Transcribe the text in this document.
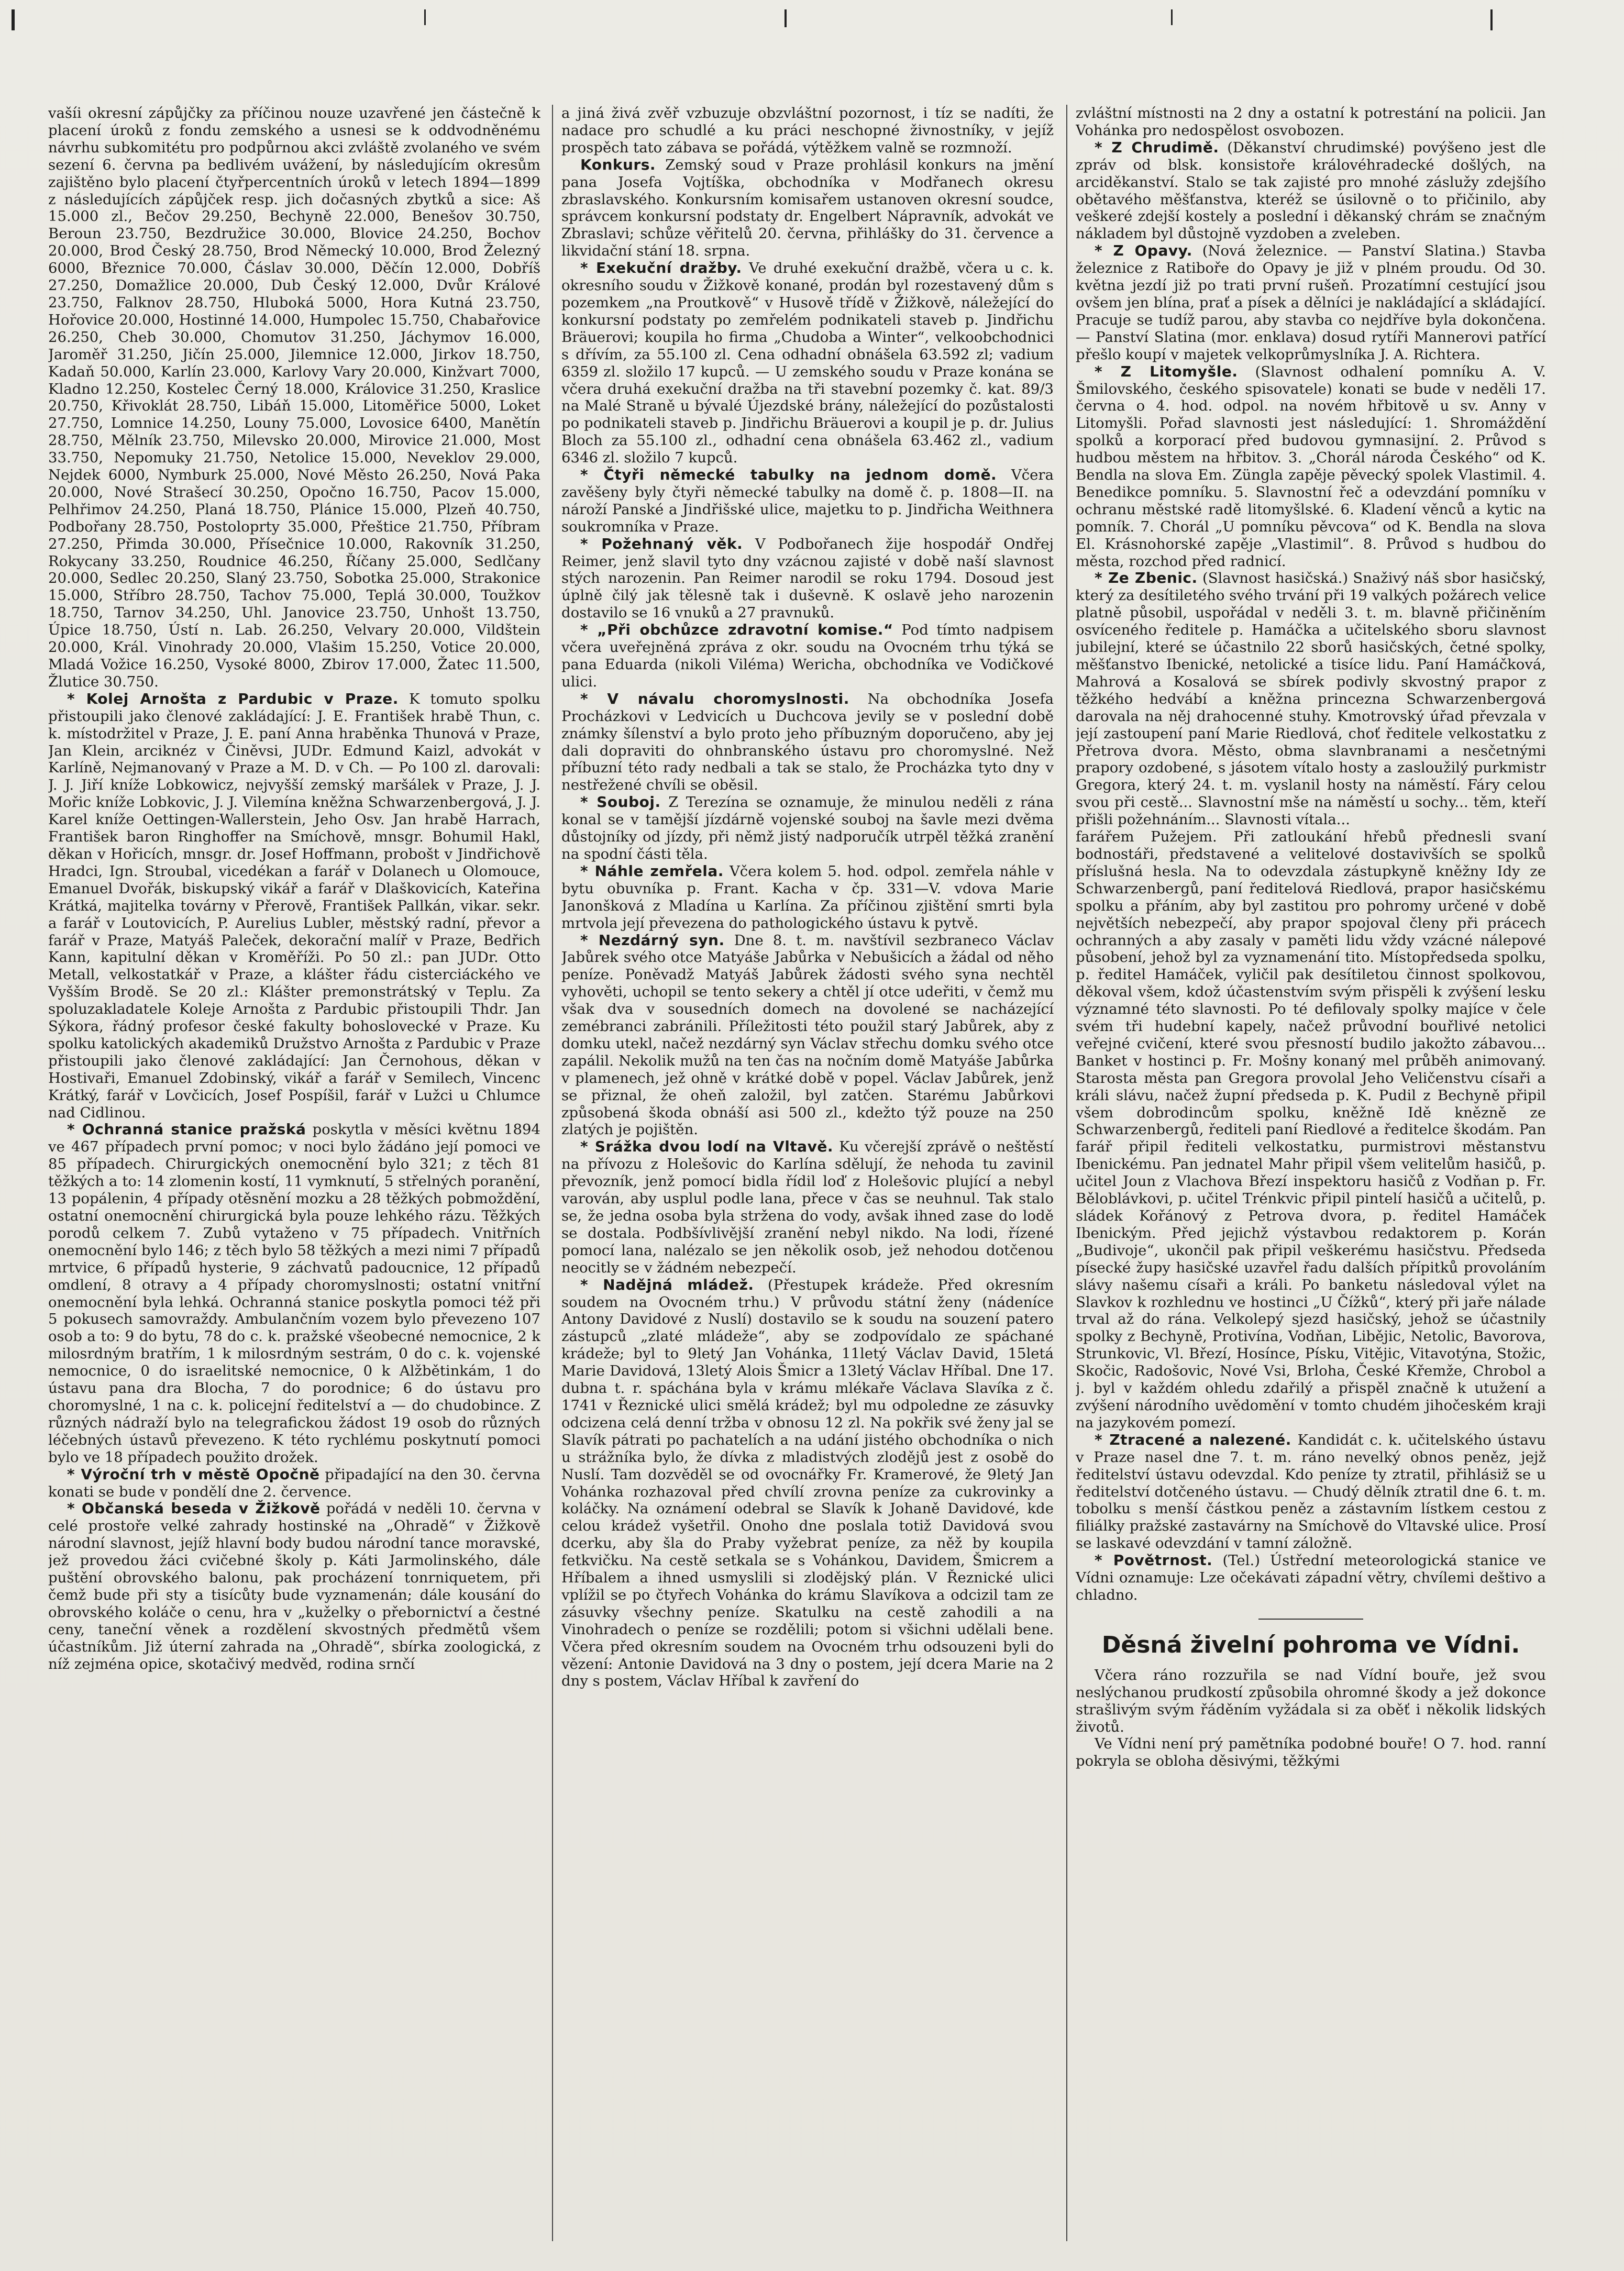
vašíi okresní zápůjčky za příčinou nouze uzavřené jen částečně k placení úroků z fondu zemského a usnesi se k oddvodněnému návrhu subkomitétu pro podpůrnou akci zvláště zvolaného ve svém sezení 6. června pa bedlivém uvážení, by následujícím okresům zajištěno bylo placení čtyřpercentních úroků v letech 1894—1899 z následujících zápůjček resp. jich dočasných zbytků a sice: Aš 15.000 zl., Bečov 29.250, Bechyně 22.000, Benešov 30.750, Beroun 23.750, Bezdružice 30.000, Blovice 24.250, Bochov 20.000, Brod Český 28.750, Brod Německý 10.000, Brod Železný 6000, Březnice 70.000, Čáslav 30.000, Děčín 12.000, Dobříš 27.250, Domažlice 20.000, Dub Český 12.000, Dvůr Králové 23.750, Falknov 28.750, Hluboká 5000, Hora Kutná 23.750, Hořovice 20.000, Hostinné 14.000, Humpolec 15.750, Chabařovice 26.250, Cheb 30.000, Chomutov 31.250, Jáchymov 16.000, Jaroměř 31.250, Jičín 25.000, Jilemnice 12.000, Jirkov 18.750, Kadaň 50.000, Karlín 23.000, Karlovy Vary 20.000, Kinžvart 7000, Kladno 12.250, Kostelec Černý 18.000, Královice 31.250, Kraslice 20.750, Křivoklát 28.750, Libáň 15.000, Litoměřice 5000, Loket 27.750, Lomnice 14.250, Louny 75.000, Lovosice 6400, Manětín 28.750, Mělník 23.750, Milevsko 20.000, Mirovice 21.000, Most 33.750, Nepomuky 21.750, Netolice 15.000, Neveklov 29.000, Nejdek 6000, Nymburk 25.000, Nové Město 26.250, Nová Paka 20.000, Nové Strašecí 30.250, Opočno 16.750, Pacov 15.000, Pelhřimov 24.250, Planá 18.750, Plánice 15.000, Plzeň 40.750, Podbořany 28.750, Postoloprty 35.000, Přeštice 21.750, Příbram 27.250, Přimda 30.000, Přísečnice 10.000, Rakovník 31.250, Rokycany 33.250, Roudnice 46.250, Říčany 25.000, Sedlčany 20.000, Sedlec 20.250, Slaný 23.750, Sobotka 25.000, Strakonice 15.000, Stříbro 28.750, Tachov 75.000, Teplá 30.000, Toužkov 18.750, Tarnov 34.250, Uhl. Janovice 23.750, Unhošt 13.750, Úpice 18.750, Ústí n. Lab. 26.250, Velvary 20.000, Vildštein 20.000, Král. Vinohrady 20.000, Vlašim 15.250, Votice 20.000, Mladá Vožice 16.250, Vysoké 8000, Zbirov 17.000, Žatec 11.500, Žlutice 30.750.

* Kolej Arnošta z Pardubic v Praze. K tomuto spolku přistoupili jako členové zakládající: J. E. František hrabě Thun, c. k. místodržitel v Praze, J. E. paní Anna hraběnka Thunová v Praze, Jan Klein, arciknéz v Činěvsi, JUDr. Edmund Kaizl, advokát v Karlíně, Nejmanovaný v Praze a M. D. v Ch. — Po 100 zl. darovali: J. J. Jiří kníže Lobkowicz, nejvyšší zemský maršálek v Praze, J. J. Mořic kníže Lobkovic, J. J. Vilemína kněžna Schwarzenbergová, J. J. Karel kníže Oettingen-Wallerstein, Jeho Osv. Jan hrabě Harrach, František baron Ringhoffer na Smíchově, mnsgr. Bohumil Hakl, děkan v Hořicích, mnsgr. dr. Josef Hoffmann, probošt v Jindřichově Hradci, Ign. Stroubal, vicedékan a farář v Dolanech u Olomouce, Emanuel Dvořák, biskupský vikář a farář v Dlaškovicích, Kateřina Krátká, majitelka továrny v Přerově, František Pallkán, vikar. sekr. a farář v Loutovicích, P. Aurelius Lubler, městský radní, převor a farář v Praze, Matyáš Paleček, dekorační malíř v Praze, Bedřich Kann, kapitulní děkan v Kroměříži. Po 50 zl.: pan JUDr. Otto Metall, velkostatkář v Praze, a klášter řádu cisterciáckého ve Vyšším Brodě. Se 20 zl.: Klášter premonstrátský v Teplu. Za spoluzakladatele Koleje Arnošta z Pardubic přistoupili Thdr. Jan Sýkora, řádný profesor české fakulty bohoslovecké v Praze. Ku spolku katolických akademiků Družstvo Arnošta z Pardubic v Praze přistoupili jako členové zakládající: Jan Černohous, děkan v Hostivaři, Emanuel Zdobinský, vikář a farář v Semilech, Vincenc Krátký, farář v Lovčicích, Josef Pospíšil, farář v Lužci u Chlumce nad Cidlinou.

* Ochranná stanice pražská poskytla v měsíci květnu 1894 ve 467 případech první pomoc; v noci bylo žádáno její pomoci ve 85 případech. Chirurgických onemocnění bylo 321; z těch 81 těžkých a to: 14 zlomenin kostí, 11 vymknutí, 5 střelných poranění, 13 popálenin, 4 případy otěsnění mozku a 28 těžkých pobmoždění, ostatní onemocnění chirurgická byla pouze lehkého rázu. Těžkých porodů celkem 7. Zubů vytaženo v 75 případech. Vnitřních onemocnění bylo 146; z těch bylo 58 těžkých a mezi nimi 7 případů mrtvice, 6 případů hysterie, 9 záchvatů padoucnice, 12 případů omdlení, 8 otravy a 4 případy choromyslnosti; ostatní vnitřní onemocnění byla lehká. Ochranná stanice poskytla pomoci též při 5 pokusech samovraždy. Ambulančním vozem bylo převezeno 107 osob a to: 9 do bytu, 78 do c. k. pražské všeobecné nemocnice, 2 k milosrdným bratřím, 1 k milosrdným sestrám, 0 do c. k. vojenské nemocnice, 0 do israelitské nemocnice, 0 k Alžbětinkám, 1 do ústavu pana dra Blocha, 7 do porodnice; 6 do ústavu pro choromyslné, 1 na c. k. policejní ředitelství a — do chudobince. Z různých nádraží bylo na telegrafickou žádost 19 osob do různých léčebných ústavů převezeno. K této rychlému poskytnutí pomoci bylo ve 18 případech použito drožek.

* Výroční trh v městě Opočně připadající na den 30. června konati se bude v pondělí dne 2. července.

* Občanská beseda v Žižkově pořádá v neděli 10. června v celé prostoře velké zahrady hostinské na „Ohradě“ v Žižkově národní slavnost, jejíž hlavní body budou národní tance moravské, jež provedou žáci cvičebné školy p. Káti Jarmolinského, dále puštění obrovského balonu, pak procházení tonrniquetem, při čemž bude při sty a tisícůty bude vyznamenán; dále kousání do obrovského koláče o cenu, hra v „kuželky o přebornictví a čestné ceny, taneční věnek a rozdělení skvostných předmětů všem účastníkům. Již úterní zahrada na „Ohradě“, sbírka zoologická, z níž zejména opice, skotačivý medvěd, rodina srnčí

a jiná živá zvěř vzbuzuje obzvláštní pozornost, i tíz se nadíti, že nadace pro schudlé a ku práci neschopné živnostníky, v jejíž prospěch tato zábava se pořádá, výtěžkem valně se rozmnoží.

Konkurs. Zemský soud v Praze prohlásil konkurs na jmění pana Josefa Vojtíška, obchodníka v Modřanech okresu zbraslavského. Konkursním komisařem ustanoven okresní soudce, správcem konkursní podstaty dr. Engelbert Nápravník, advokát ve Zbraslavi; schůze věřitelů 20. června, přihlášky do 31. července a likvidační stání 18. srpna.

* Exekuční dražby. Ve druhé exekuční dražbě, včera u c. k. okresního soudu v Žižkově konané, prodán byl rozestavený dům s pozemkem „na Proutkově“ v Husově třídě v Žižkově, náležející do konkursní podstaty po zemřelém podnikateli staveb p. Jindřichu Bräuerovi; koupila ho firma „Chudoba a Winter“, velkoobchodnici s dřívím, za 55.100 zl. Cena odhadní obnášela 63.592 zl; vadium 6359 zl. složilo 17 kupců. — U zemského soudu v Praze konána se včera druhá exekuční dražba na tři stavební pozemky č. kat. 89/3 na Malé Straně u bývalé Újezdské brány, náležející do pozůstalosti po podnikateli staveb p. Jindřichu Bräuerovi a koupil je p. dr. Julius Bloch za 55.100 zl., odhadní cena obnášela 63.462 zl., vadium 6346 zl. složilo 7 kupců.

* Čtyři německé tabulky na jednom domě. Včera zavěšeny byly čtyři německé tabulky na domě č. p. 1808—II. na nároží Panské a Jindřišské ulice, majetku to p. Jindřicha Weithnera soukromníka v Praze.

* Požehnaný věk. V Podbořanech žije hospodář Ondřej Reimer, jenž slavil tyto dny vzácnou zajisté v době naší slavnost stých narozenin. Pan Reimer narodil se roku 1794. Dosoud jest úplně čilý jak tělesně tak i duševně. K oslavě jeho narozenin dostavilo se 16 vnuků a 27 pravnuků.

* „Při obchůzce zdravotní komise.“ Pod tímto nadpisem včera uveřejněná zpráva z okr. soudu na Ovocném trhu týká se pana Eduarda (nikoli Viléma) Wericha, obchodníka ve Vodičkové ulici.

* V návalu choromyslnosti. Na obchodníka Josefa Procházkovi v Ledvicích u Duchcova jevily se v poslední době známky šílenství a bylo proto jeho příbuzným doporučeno, aby jej dali dopraviti do ohnbranského ústavu pro choromyslné. Než příbuzní této rady nedbali a tak se stalo, že Procházka tyto dny v nestřežené chvíli se oběsil.

* Souboj. Z Terezína se oznamuje, že minulou neděli z rána konal se v tamější jízdárně vojenské souboj na šavle mezi dvěma důstojníky od jízdy, při němž jistý nadporučík utrpěl těžká zranění na spodní části těla.

* Náhle zemřela. Včera kolem 5. hod. odpol. zemřela náhle v bytu obuvníka p. Frant. Kacha v čp. 331—V. vdova Marie Janonšková z Mladína u Karlína. Za příčinou zjištění smrti byla mrtvola její převezena do pathologického ústavu k pytvě.

* Nezdárný syn. Dne 8. t. m. navštívil sezbraneco Václav Jabůrek svého otce Matyáše Jabůrka v Nebušicích a žádal od něho peníze. Poněvadž Matyáš Jabůrek žádosti svého syna nechtěl vyhověti, uchopil se tento sekery a chtěl jí otce udeřiti, v čemž mu však dva v sousedních domech na dovolené se nacházející zemébranci zabránili. Příležitosti této použil starý Jabůrek, aby z domku utekl, načež nezdárný syn Václav střechu domku svého otce zapálil. Nekolik mužů na ten čas na nočním domě Matyáše Jabůrka v plamenech, jež ohně v krátké době v popel. Václav Jabůrek, jenž se přiznal, že oheň založil, byl zatčen. Starému Jabůrkovi způsobená škoda obnáší asi 500 zl., kdežto týž pouze na 250 zlatých je pojištěn.

* Srážka dvou lodí na Vltavě. Ku včerejší zprávě o neštěstí na přívozu z Holešovic do Karlína sdělují, že nehoda tu zavinil převozník, jenž pomocí bidla řídil loď z Holešovic plující a nebyl varován, aby usplul podle lana, přece v čas se neuhnul. Tak stalo se, že jedna osoba byla stržena do vody, avšak ihned zase do lodě se dostala. Podbšívlivější zranění nebyl nikdo. Na lodi, řízené pomocí lana, nalézalo se jen několik osob, jež nehodou dotčenou neocitly se v žádném nebezpečí.

* Nadějná mládež. (Přestupek krádeže. Před okresním soudem na Ovocném trhu.) V průvodu státní ženy (nádeníce Antony Davidové z Nuslí) dostavilo se k soudu na souzení patero zástupců „zlaté mládeže“, aby se zodpovídalo ze spáchané krádeže; byl to 9letý Jan Vohánka, 11letý Václav David, 15letá Marie Davidová, 13letý Alois Šmicr a 13letý Václav Hříbal. Dne 17. dubna t. r. spáchána byla v krámu mlékaře Václava Slavíka z č. 1741 v Řeznické ulici smělá krádež; byl mu odpoledne ze zásuvky odcizena celá denní tržba v obnosu 12 zl. Na pokřik své ženy jal se Slavík pátrati po pachatelích a na udání jistého obchodníka o nich u strážníka bylo, že dívka z mladistvých zlodějů jest z osobě do Nuslí. Tam dozvěděl se od ovocnářky Fr. Kramerové, že 9letý Jan Vohánka rozhazoval před chvílí zrovna peníze za cukrovinky a koláčky. Na oznámení odebral se Slavík k Johaně Davidové, kde celou krádež vyšetřil. Onoho dne poslala totiž Davidová svou dcerku, aby šla do Praby vyžebrat peníze, za něž by koupila fetkvičku. Na cestě setkala se s Vohánkou, Davidem, Šmicrem a Hříbalem a ihned usmyslili si zlodějský plán. V Řeznické ulici vplížil se po čtyřech Vohánka do krámu Slavíkova a odcizil tam ze zásuvky všechny peníze. Skatulku na cestě zahodili a na Vinohradech o peníze se rozdělili; potom si všichni udělali bene. Včera před okresním soudem na Ovocném trhu odsouzeni byli do vězení: Antonie Davidová na 3 dny o postem, její dcera Marie na 2 dny s postem, Václav Hříbal k zavření do

zvláštní místnosti na 2 dny a ostatní k potrestání na policii. Jan Vohánka pro nedospělost osvobozen.

* Z Chrudimě. (Děkanství chrudimské) povýšeno jest dle zpráv od blsk. konsistoře královéhradecké došlých, na arciděkanství. Stalo se tak zajisté pro mnohé záslužy zdejšího obětavého měšťanstva, kteréž se úsilovně o to přičinilo, aby veškeré zdejší kostely a poslední i děkanský chrám se značným nákladem byl důstojně vyzdoben a zveleben.

* Z Opavy. (Nová železnice. — Panství Slatina.) Stavba železnice z Ratiboře do Opavy je již v plném proudu. Od 30. května jezdí již po trati první rušeň. Prozatímní cestující jsou ovšem jen blína, prať a písek a dělníci je nakládající a skládající. Pracuje se tudíž parou, aby stavba co nejdříve byla dokončena. — Panství Slatina (mor. enklava) dosud rytíři Mannerovi patřící přešlo koupí v majetek velkoprůmyslníka J. A. Richtera.

* Z Litomyšle. (Slavnost odhalení pomníku A. V. Šmilovského, českého spisovatele) konati se bude v neděli 17. června o 4. hod. odpol. na novém hřbitově u sv. Anny v Litomyšli. Pořad slavnosti jest následující: 1. Shromáždění spolků a korporací před budovou gymnasijní. 2. Průvod s hudbou městem na hřbitov. 3. „Chorál národa Českého“ od K. Bendla na slova Em. Züngla zapěje pěvecký spolek Vlastimil. 4. Benedikce pomníku. 5. Slavnostní řeč a odevzdání pomníku v ochranu městské radě litomyšlské. 6. Kladení věnců a kytic na pomník. 7. Chorál „U pomníku pěvcova“ od K. Bendla na slova El. Krásnohorské zapěje „Vlastimil“. 8. Průvod s hudbou do města, rozchod před radnicí.

* Ze Zbenic. (Slavnost hasičská.) Snaživý náš sbor hasičský, který za desítiletého svého trvání při 19 valkých požárech velice platně působil, uspořádal v neděli 3. t. m. blavně přičiněním osvíceného ředitele p. Hamáčka a učitelského sboru slavnost jubilejní, které se účastnilo 22 sborů hasičských, četné spolky, měšťanstvo Ibenické, netolické a tisíce lidu. Paní Hamáčková, Mahrová a Kosalová se sbírek podivly skvostný prapor z těžkého hedvábí a kněžna princezna Schwarzenbergová darovala na něj drahocenné stuhy. Kmotrovský úřad převzala v její zastoupení paní Marie Riedlová, choť ředitele velkostatku z Přetrova dvora. Město, obma slavnbranami a nesčetnými prapory ozdobené, s jásotem vítalo hosty a zasloužilý purkmistr Gregora, který 24. t. m. vyslanil hosty na náměstí. Fáry celou svou při cestě... Slavnostní mše na náměstí u sochy... těm, kteří přišli požehnáním... Slavnosti vítala...

farářem Pužejem. Při zatloukání hřebů přednesli svaní bodnostáři, představené a velitelové dostavivších se spolků příslušná hesla. Na to odevzdala zástupkyně kněžny Idy ze Schwarzenbergů, paní ředitelová Riedlová, prapor hasičskému spolku a přáním, aby byl zastitou pro pohromy určené v době největších nebezpečí, aby prapor spojoval členy při prácech ochranných a aby zasaly v paměti lidu vždy vzácné nálepové působení, jehož byl za vyznamenání tito. Místopředseda spolku, p. ředitel Hamáček, vyličil pak desítiletou činnost spolkovou, děkoval všem, kdož účastenstvím svým přispěli k zvýšení lesku významné této slavnosti. Po té defilovaly spolky majíce v čele svém tři hudební kapely, načež průvodní bouřlivé netolici veřejné cvičení, které svou přesností budilo jakožto zábavou... Banket v hostinci p. Fr. Mošny konaný mel průběh animovaný. Starosta města pan Gregora provolal Jeho Veličenstvu císaři a králi slávu, načež župní předseda p. K. Pudil z Bechyně připil všem dobrodincům spolku, kněžně Idě knězně ze Schwarzenbergů, řediteli paní Riedlové a ředitelce škodám. Pan farář připil řediteli velkostatku, purmistrovi městanstvu Ibenickému. Pan jednatel Mahr připil všem velitelům hasičů, p. učitel Joun z Vlachova Březí inspektoru hasičů z Vodňan p. Fr. Běloblávkovi, p. učitel Trénkvic připil pintelí hasičů a učitelů, p. sládek Kořánový z Petrova dvora, p. ředitel Hamáček Ibenickým. Před jejichž výstavbou redaktorem p. Korán „Budivoje“, ukončil pak připil veškerému hasičstvu. Předseda písecké župy hasičské uzavřel řadu dalších přípitků provoláním slávy našemu císaři a králi. Po banketu následoval výlet na Slavkov k rozhlednu ve hostinci „U Čížků“, který při jaře nálade trval až do rána. Velkolepý sjezd hasičský, jehož se účastnily spolky z Bechyně, Protivína, Vodňan, Libějic, Netolic, Bavorova, Strunkovic, Vl. Březí, Hosínce, Písku, Vitějic, Vitavotýna, Stožic, Skočic, Radošovic, Nové Vsi, Brloha, České Křemže, Chrobol a j. byl v každém ohledu zdařilý a přispěl značně k utužení a zvýšení národního uvědomění v tomto chudém jihočeském kraji na jazykovém pomezí.

* Ztracené a nalezené. Kandidát c. k. učitelského ústavu v Praze nasel dne 7. t. m. ráno nevelký obnos peněz, jejž ředitelství ústavu odevzdal. Kdo peníze ty ztratil, přihlásiž se u ředitelství dotčeného ústavu. — Chudý dělník ztratil dne 6. t. m. tobolku s menší částkou peněz a zástavním lístkem cestou z filiálky pražské zastavárny na Smíchově do Vltavské ulice. Prosí se laskavé odevzdání v tamní záložně.

* Povětrnost. (Tel.) Ústřední meteorologická stanice ve Vídni oznamuje: Lze očekávati západní větry, chvílemi deštivo a chladno.

Děsná živelní pohroma ve Vídni.

Včera ráno rozzuřila se nad Vídní bouře, jež svou neslýchanou prudkostí způsobila ohromné škody a jež dokonce strašlivým svým řáděním vyžádala si za oběť i několik lidských životů.

Ve Vídni není prý pamětníka podobné bouře! O 7. hod. ranní pokryla se obloha děsivými, těžkými
